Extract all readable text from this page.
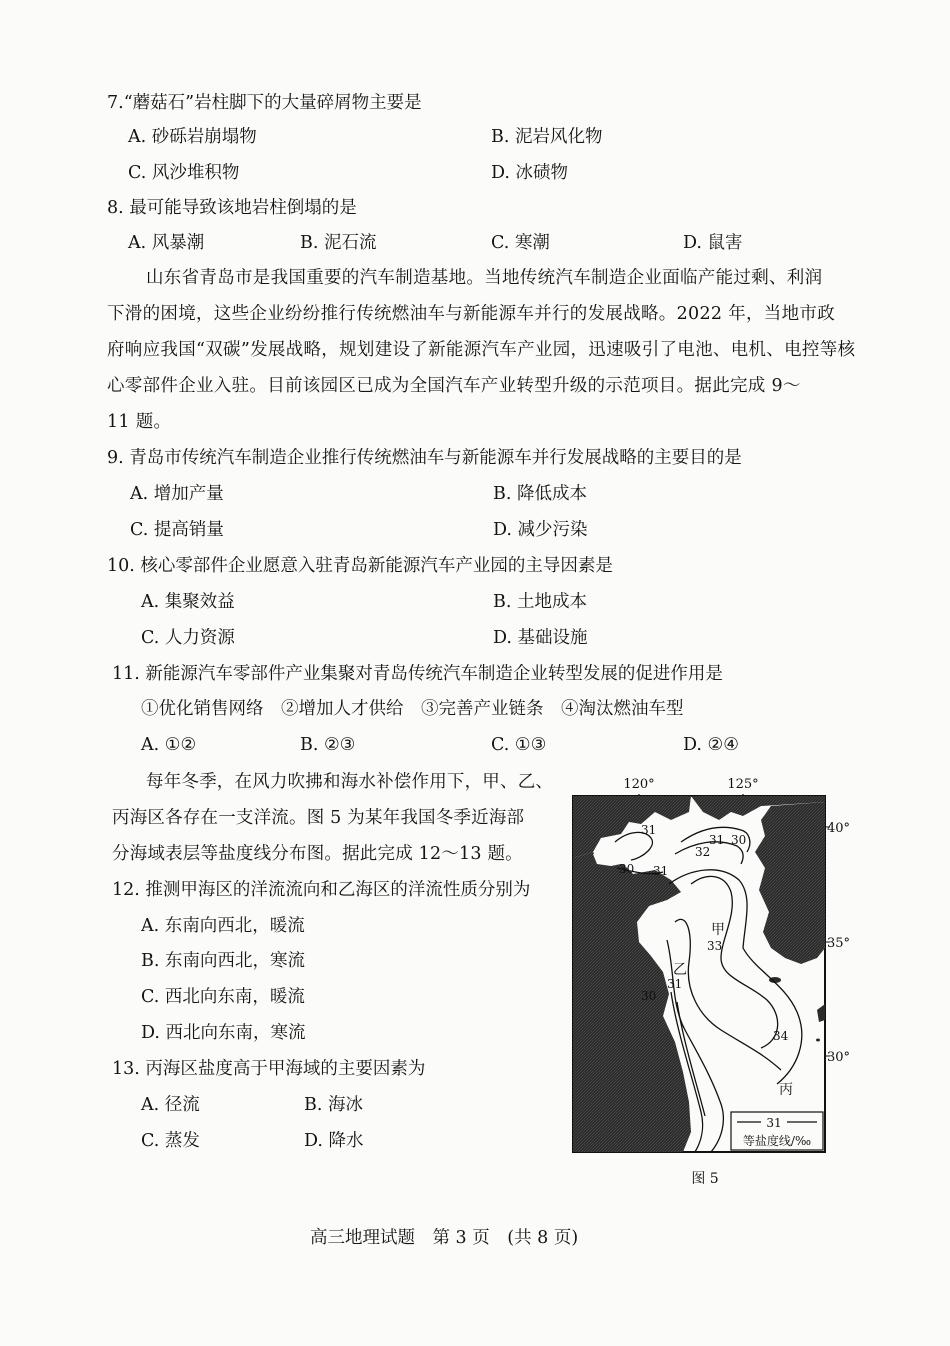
7.“蘑菇石”岩柱脚下的大量碎屑物主要是
A. 砂砾岩崩塌物	B. 泥岩风化物
C. 风沙堆积物	D. 冰碛物
8. 最可能导致该地岩柱倒塌的是
A. 风暴潮	B. 泥石流	C. 寒潮	D. 鼠害
山东省青岛市是我国重要的汽车制造基地。当地传统汽车制造企业面临产能过剩、利润
下滑的困境，这些企业纷纷推行传统燃油车与新能源车并行的发展战略。2022 年，当地市政
府响应我国“双碳”发展战略，规划建设了新能源汽车产业园，迅速吸引了电池、电机、电控等核
心零部件企业入驻。目前该园区已成为全国汽车产业转型升级的示范项目。据此完成 9～
11 题。
9. 青岛市传统汽车制造企业推行传统燃油车与新能源车并行发展战略的主要目的是
A. 增加产量	B. 降低成本
C. 提高销量	D. 减少污染
10. 核心零部件企业愿意入驻青岛新能源汽车产业园的主导因素是
A. 集聚效益	B. 土地成本
C. 人力资源	D. 基础设施
11. 新能源汽车零部件产业集聚对青岛传统汽车制造企业转型发展的促进作用是
①优化销售网络　②增加人才供给　③完善产业链条　④淘汰燃油车型
A. ①②	B. ②③	C. ①③	D. ②④
每年冬季，在风力吹拂和海水补偿作用下，甲、乙、
丙海区各存在一支洋流。图 5 为某年我国冬季近海部
分海域表层等盐度线分布图。据此完成 12～13 题。
12. 推测甲海区的洋流流向和乙海区的洋流性质分别为
A. 东南向西北，暖流
B. 东南向西北，寒流
C. 西北向东南，暖流
D. 西北向东南，寒流
13. 丙海区盐度高于甲海域的主要因素为
A. 径流	B. 海冰
C. 蒸发	D. 降水
120°	125°
40°
35°
30°
31
30 31
31 30
32
33
31
30
34
甲
乙
丙
31
等盐度线/‰
图 5
高三地理试题　第 3 页　(共 8 页)
